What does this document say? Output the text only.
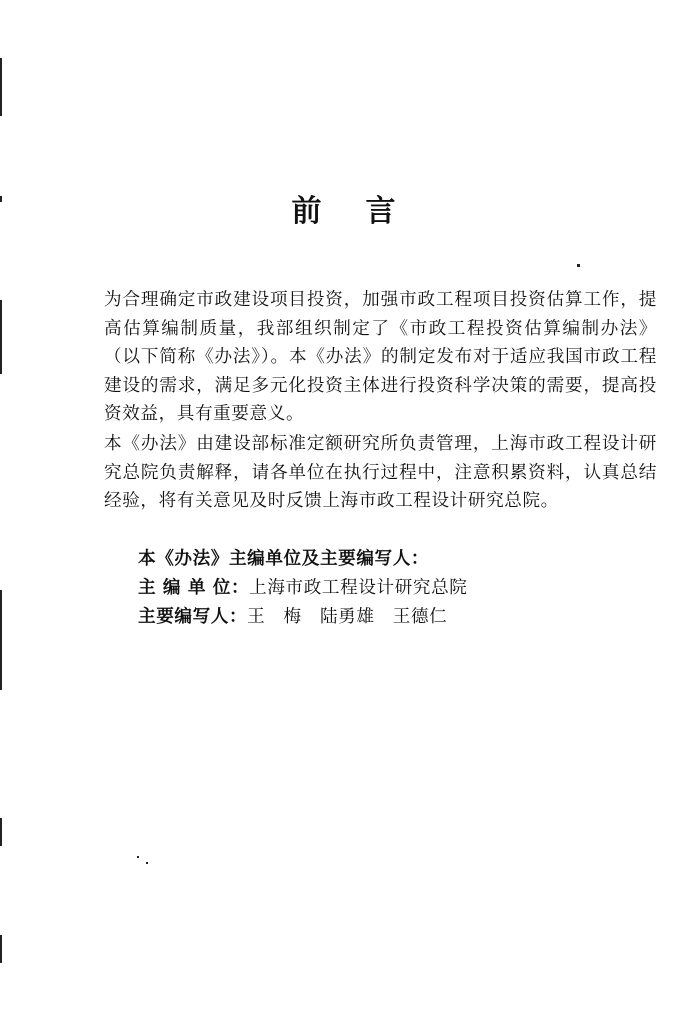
前 言

为合理确定市政建设项目投资，加强市政工程项目投资估算工作，提高估算编制质量，我部组织制定了《市政工程投资估算编制办法》（以下简称《办法》）。本《办法》的制定发布对于适应我国市政工程建设的需求，满足多元化投资主体进行投资科学决策的需要，提高投资效益，具有重要意义。

本《办法》由建设部标准定额研究所负责管理，上海市政工程设计研究总院负责解释，请各单位在执行过程中，注意积累资料，认真总结经验，将有关意见及时反馈上海市政工程设计研究总院。

本《办法》主编单位及主要编写人：
主 编 单 位：上海市政工程设计研究总院
主要编写人：王　梅　陆勇雄　王德仁
